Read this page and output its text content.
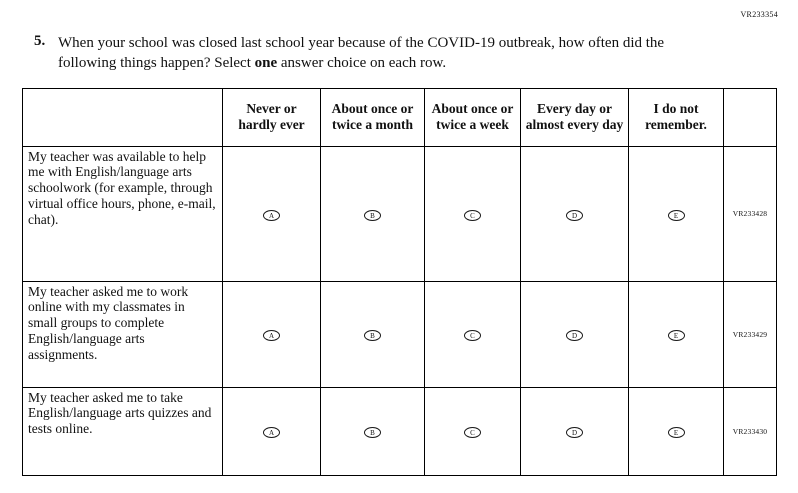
VR233354
5. When your school was closed last school year because of the COVID-19 outbreak, how often did the following things happen? Select one answer choice on each row.
	Never or hardly ever	About once or twice a month	About once or twice a week	Every day or almost every day	I do not remember.	
My teacher was available to help me with English/language arts schoolwork (for example, through virtual office hours, phone, e-mail, chat).	A	B	C	D	E	VR233428
My teacher asked me to work online with my classmates in small groups to complete English/language arts assignments.	A	B	C	D	E	VR233429
My teacher asked me to take English/language arts quizzes and tests online.	A	B	C	D	E	VR233430
